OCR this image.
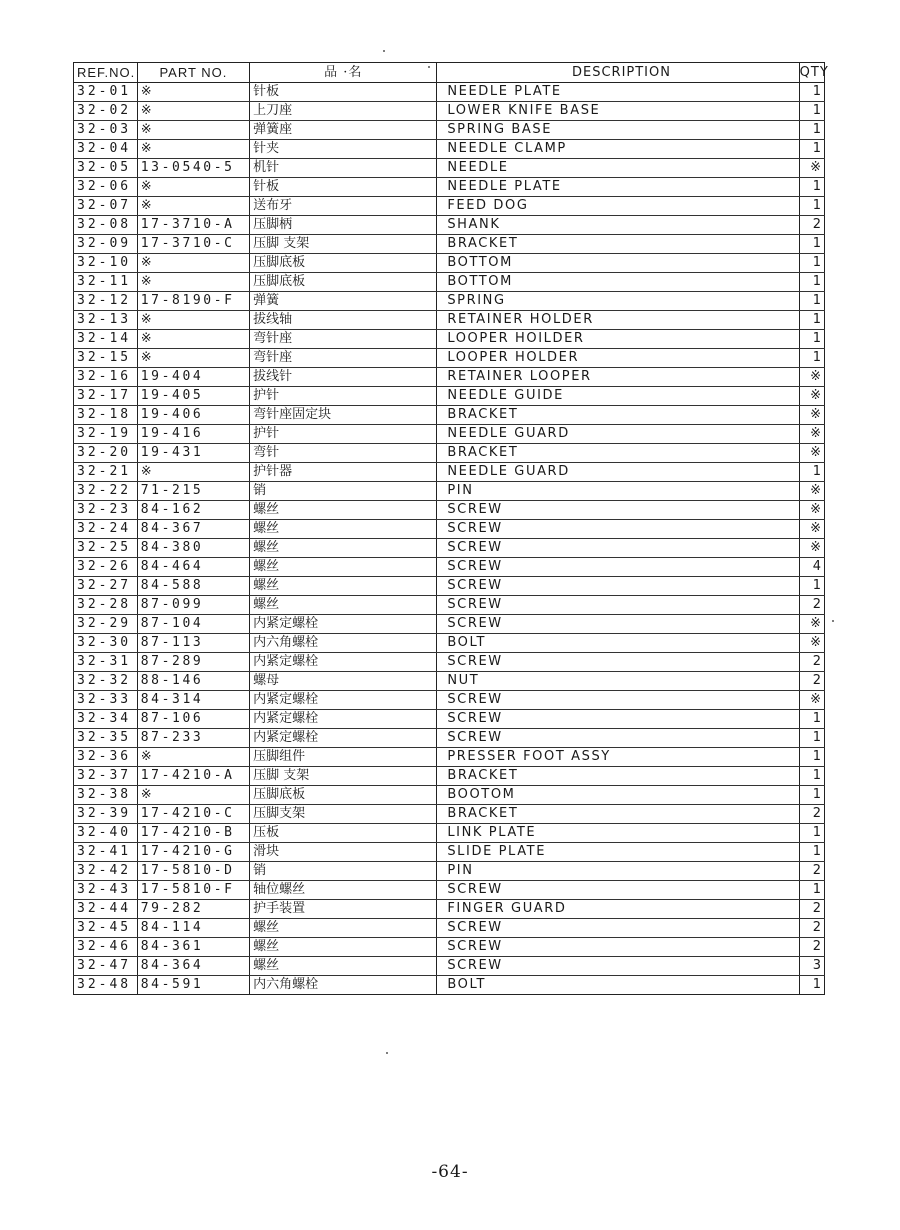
REF.NO.	PART NO.	品 ·名	DESCRIPTION	QTY
32-01	※	针板	NEEDLE PLATE	1
32-02	※	上刀座	LOWER KNIFE BASE	1
32-03	※	弹簧座	SPRING BASE	1
32-04	※	针夹	NEEDLE CLAMP	1
32-05	13-0540-5	机针	NEEDLE	※
32-06	※	针板	NEEDLE PLATE	1
32-07	※	送布牙	FEED DOG	1
32-08	17-3710-A	压脚柄	SHANK	2
32-09	17-3710-C	压脚 支架	BRACKET	1
32-10	※	压脚底板	BOTTOM	1
32-11	※	压脚底板	BOTTOM	1
32-12	17-8190-F	弹簧	SPRING	1
32-13	※	拔线轴	RETAINER HOLDER	1
32-14	※	弯针座	LOOPER HOILDER	1
32-15	※	弯针座	LOOPER HOLDER	1
32-16	19-404	拔线针	RETAINER LOOPER	※
32-17	19-405	护针	NEEDLE GUIDE	※
32-18	19-406	弯针座固定块	BRACKET	※
32-19	19-416	护针	NEEDLE GUARD	※
32-20	19-431	弯针	BRACKET	※
32-21	※	护针器	NEEDLE GUARD	1
32-22	71-215	销	PIN	※
32-23	84-162	螺丝	SCREW	※
32-24	84-367	螺丝	SCREW	※
32-25	84-380	螺丝	SCREW	※
32-26	84-464	螺丝	SCREW	4
32-27	84-588	螺丝	SCREW	1
32-28	87-099	螺丝	SCREW	2
32-29	87-104	内紧定螺栓	SCREW	※
32-30	87-113	内六角螺栓	BOLT	※
32-31	87-289	内紧定螺栓	SCREW	2
32-32	88-146	螺母	NUT	2
32-33	84-314	内紧定螺栓	SCREW	※
32-34	87-106	内紧定螺栓	SCREW	1
32-35	87-233	内紧定螺栓	SCREW	1
32-36	※	压脚组件	PRESSER FOOT ASSY	1
32-37	17-4210-A	压脚 支架	BRACKET	1
32-38	※	压脚底板	BOOTOM	1
32-39	17-4210-C	压脚支架	BRACKET	2
32-40	17-4210-B	压板	LINK PLATE	1
32-41	17-4210-G	滑块	SLIDE PLATE	1
32-42	17-5810-D	销	PIN	2
32-43	17-5810-F	轴位螺丝	SCREW	1
32-44	79-282	护手装置	FINGER GUARD	2
32-45	84-114	螺丝	SCREW	2
32-46	84-361	螺丝	SCREW	2
32-47	84-364	螺丝	SCREW	3
32-48	84-591	内六角螺栓	BOLT	1
-64-
